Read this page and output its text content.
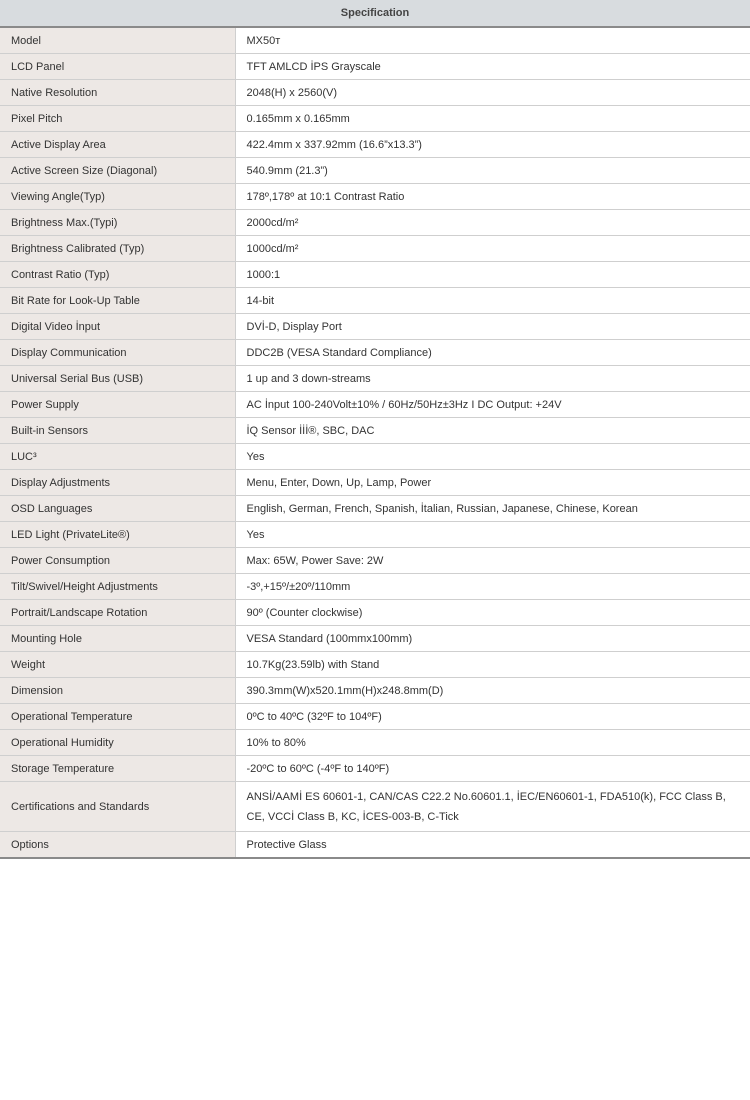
Specification	
Model	MX50ᴛ
LCD Panel	TFT AMLCD İPS Grayscale
Native Resolution	2048(H) x 2560(V)
Pixel Pitch	0.165mm x 0.165mm
Active Display Area	422.4mm x 337.92mm (16.6”x13.3”)
Active Screen Size (Diagonal)	540.9mm (21.3”)
Viewing Angle(Typ)	178º,178º at 10:1 Contrast Ratio
Brightness Max.(Typi)	2000cd/m²
Brightness Calibrated (Typ)	1000cd/m²
Contrast Ratio (Typ)	1000:1
Bit Rate for Look-Up Table	14-bit
Digital Video İnput	DVİ-D, Display Port
Display Communication	DDC2B (VESA Standard Compliance)
Universal Serial Bus (USB)	1 up and 3 down-streams
Power Supply	AC İnput 100-240Volt±10% / 60Hz/50Hz±3Hz I DC Output: +24V
Built-in Sensors	İQ Sensor İİİ®, SBC, DAC
LUC³	Yes
Display Adjustments	Menu, Enter, Down, Up, Lamp, Power
OSD Languages	English, German, French, Spanish, İtalian, Russian, Japanese, Chinese, Korean
LED Light (PrivateLite®)	Yes
Power Consumption	Max: 65W, Power Save: 2W
Tilt/Swivel/Height Adjustments	-3º,+15º/±20º/110mm
Portrait/Landscape Rotation	90º (Counter clockwise)
Mounting Hole	VESA Standard (100mmx100mm)
Weight	10.7Kg(23.59lb) with Stand
Dimension	390.3mm(W)x520.1mm(H)x248.8mm(D)
Operational Temperature	0ºC to 40ºC (32ºF to 104ºF)
Operational Humidity	10% to 80%
Storage Temperature	-20ºC to 60ºC (-4ºF to 140ºF)
Certifications and Standards	ANSİ/AAMİ ES 60601-1, CAN/CAS C22.2 No.60601.1, İEC/EN60601-1, FDA510(k), FCC Class B, CE, VCCİ Class B, KC, İCES-003-B, C-Tick
Options	Protective Glass
